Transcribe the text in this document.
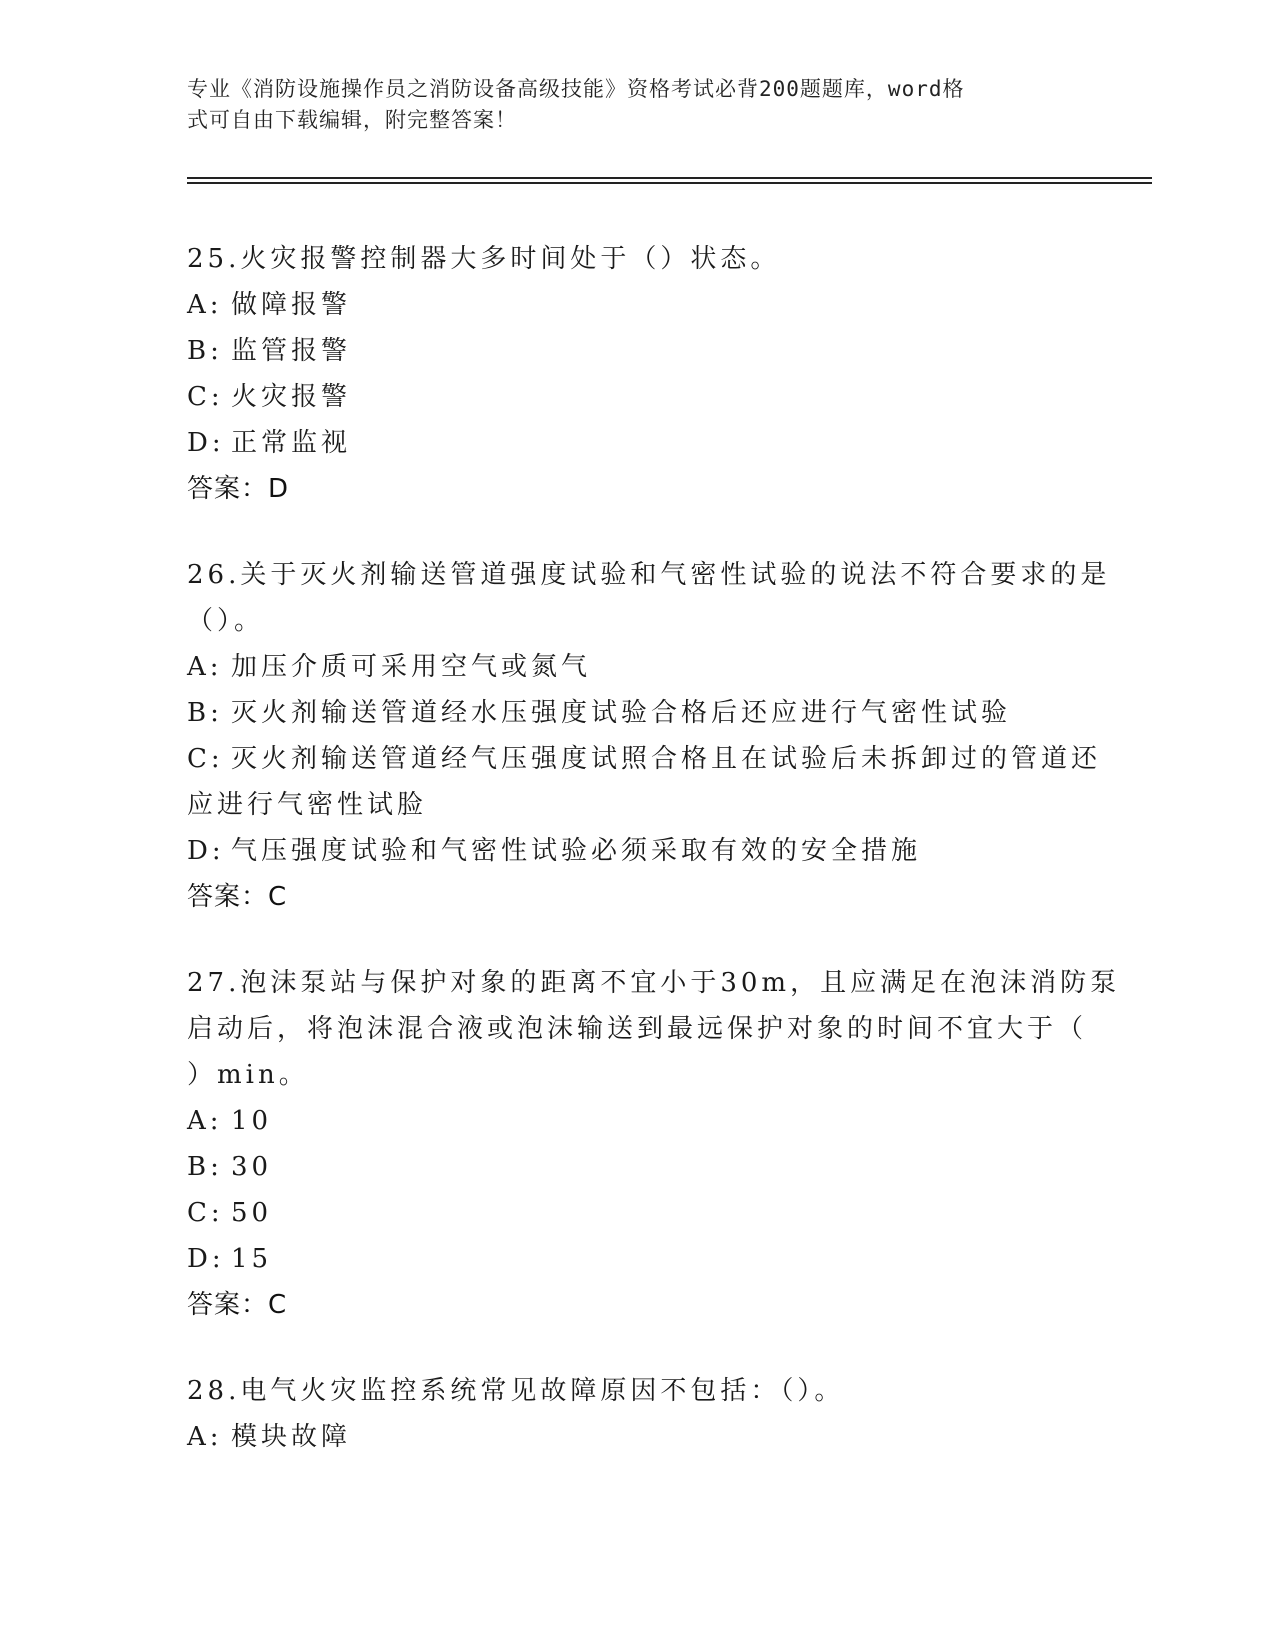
专业《消防设施操作员之消防设备高级技能》资格考试必背200题题库，word格
式可自由下载编辑，附完整答案！
25.火灾报警控制器大多时间处于（）状态。
A: 做障报警
B: 监管报警
C: 火灾报警
D: 正常监视
答案：D
26.关于灭火剂输送管道强度试验和气密性试验的说法不符合要求的是
（）。
A: 加压介质可采用空气或氮气
B: 灭火剂输送管道经水压强度试验合格后还应进行气密性试验
C: 灭火剂输送管道经气压强度试照合格且在试验后未拆卸过的管道还
应进行气密性试脸
D: 气压强度试验和气密性试验必须采取有效的安全措施
答案：C
27.泡沫泵站与保护对象的距离不宜小于30m，且应满足在泡沫消防泵
启动后，将泡沫混合液或泡沫输送到最远保护对象的时间不宜大于（
）min。
A: 10
B: 30
C: 50
D: 15
答案：C
28.电气火灾监控系统常见故障原因不包括：（）。
A: 模块故障
